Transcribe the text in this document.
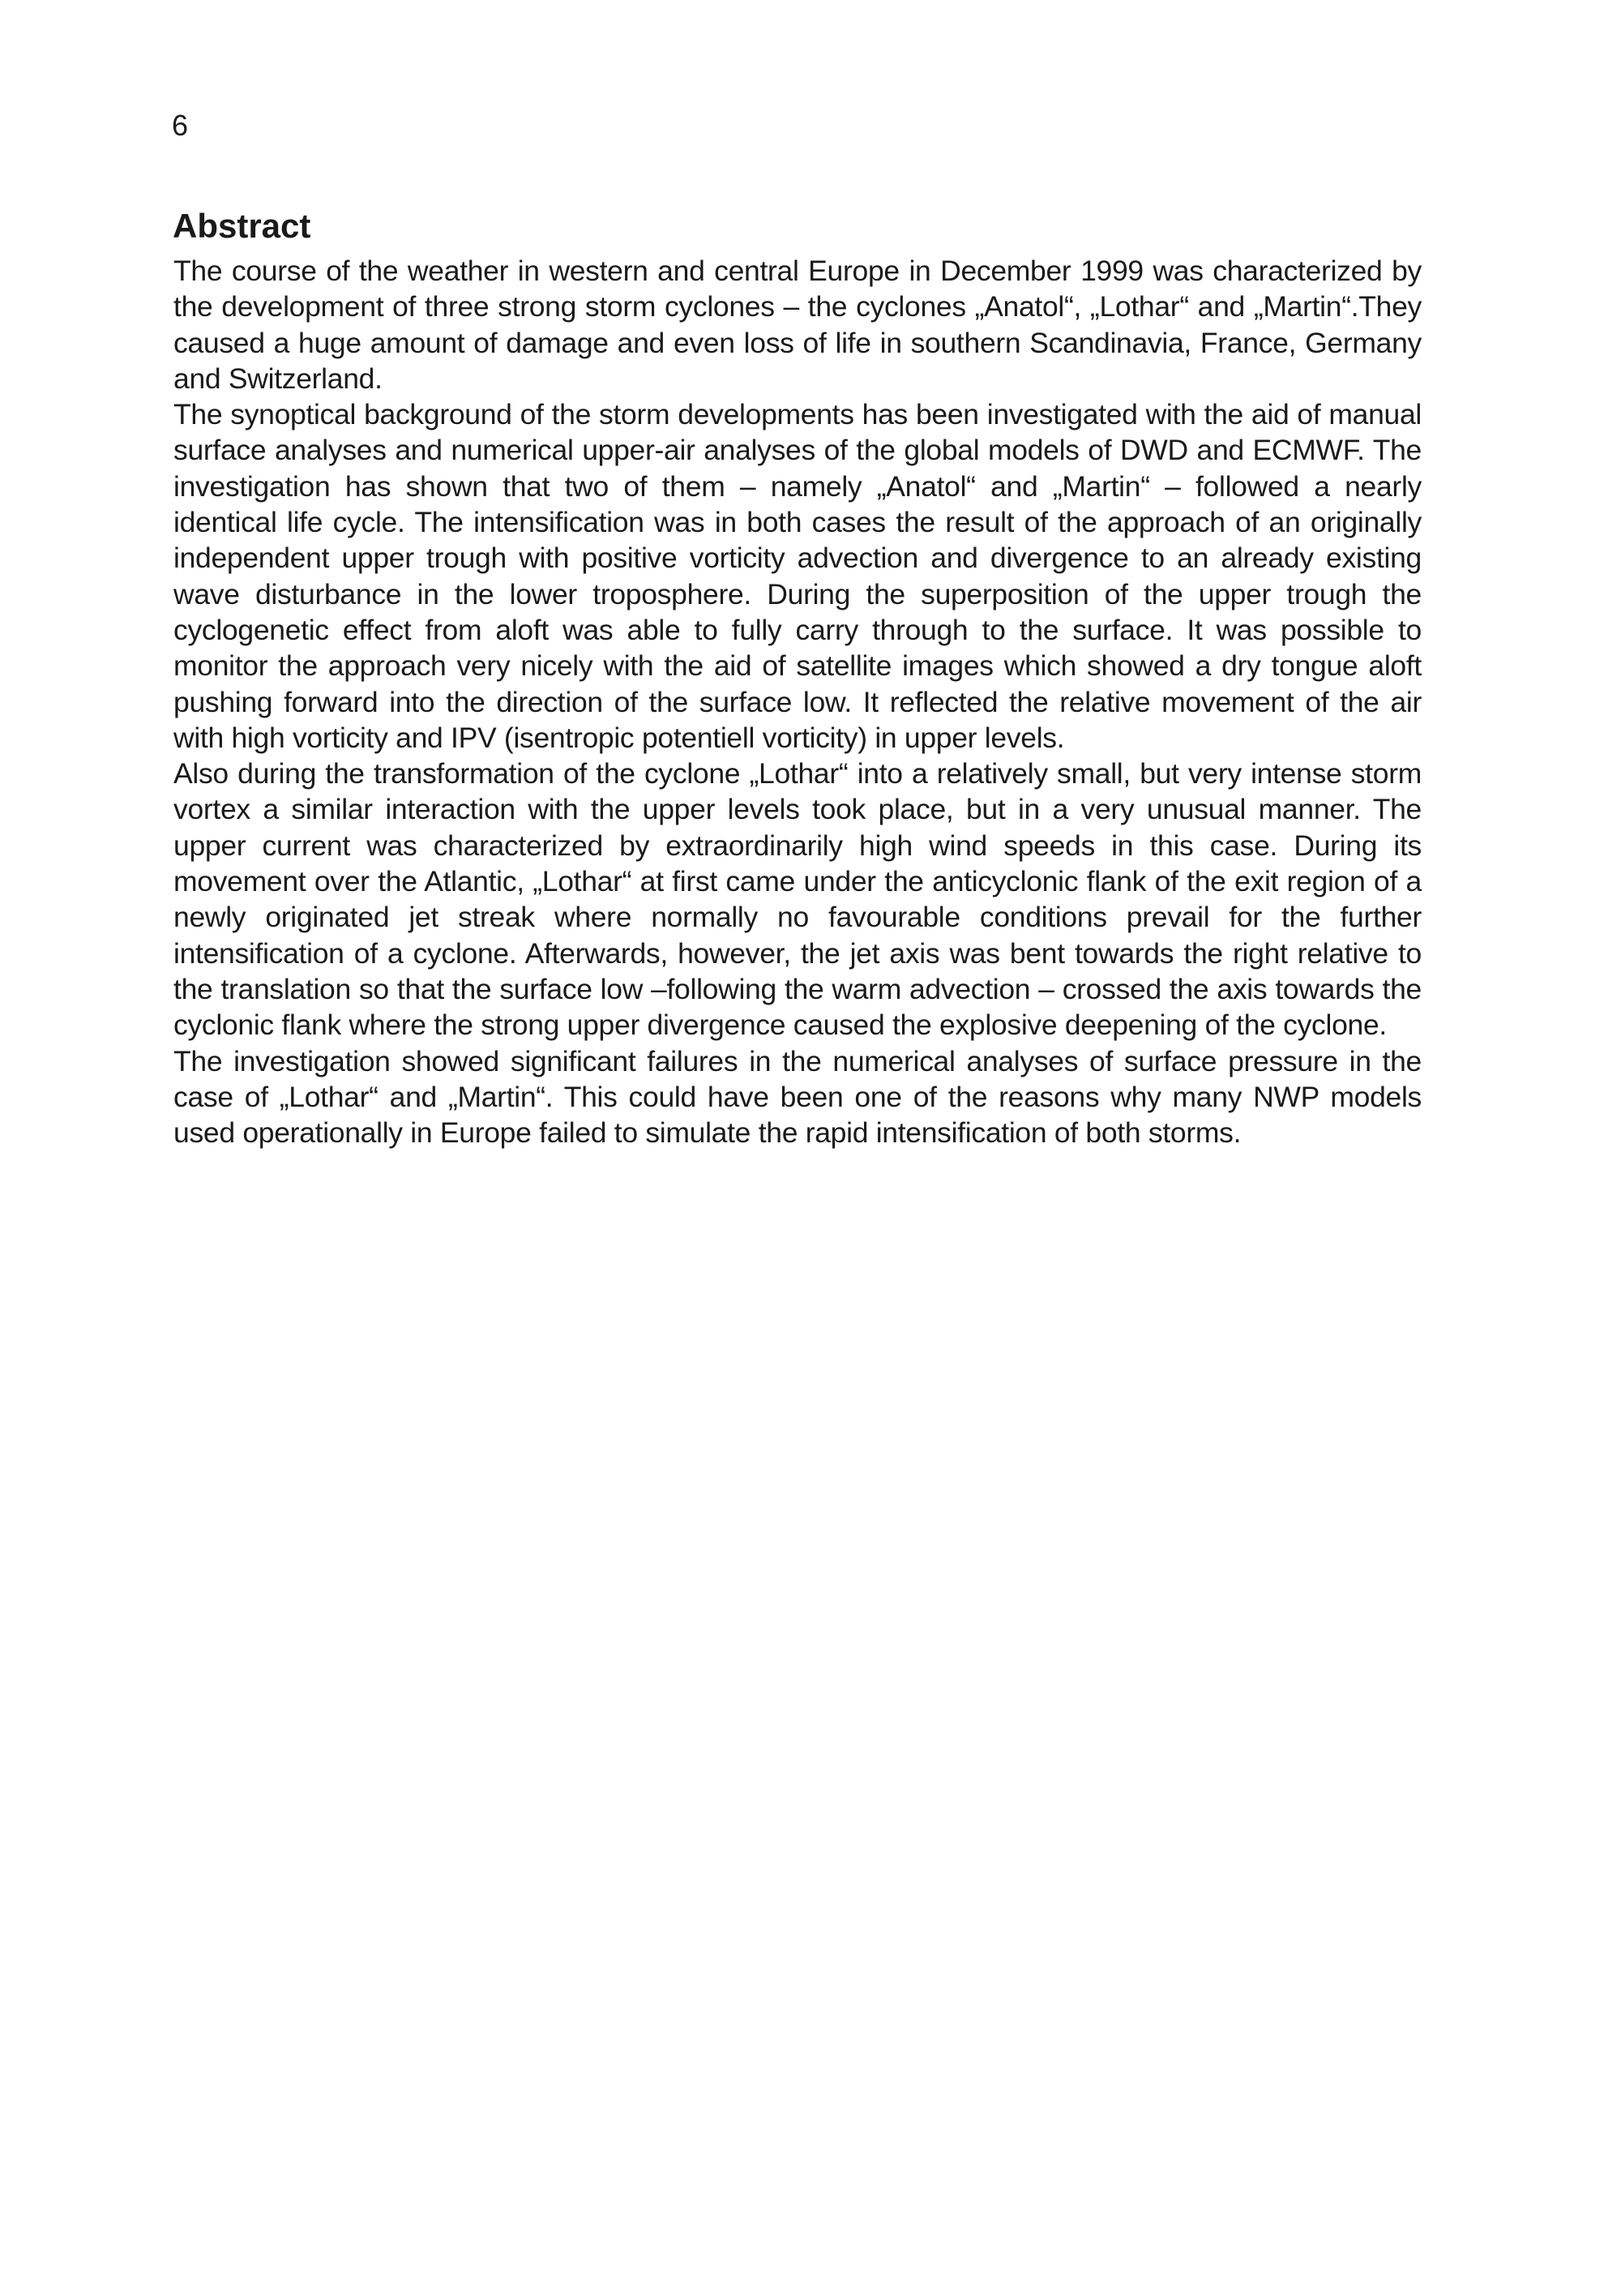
6
Abstract

The course of the weather in western and central Europe in December 1999 was characterized by the development of three strong storm cyclones – the cyclones „Anatol“, „Lothar“ and „Martin“.They caused a huge amount of damage and even loss of life in southern Scandinavia, France, Germany and Switzerland.

The synoptical background of the storm developments has been investigated with the aid of manual surface analyses and numerical upper-air analyses of the global models of DWD and ECMWF. The investigation has shown that two of them – namely „Anatol“ and „Martin“ – followed a nearly identical life cycle. The intensification was in both cases the result of the approach of an originally independent upper trough with positive vorticity advection and divergence to an already existing wave disturbance in the lower troposphere. During the superposition of the upper trough the cyclogenetic effect from aloft was able to fully carry through to the surface. It was possible to monitor the approach very nicely with the aid of satellite images which showed a dry tongue aloft pushing forward into the direction of the surface low. It reflected the relative movement of the air with high vorticity and IPV (isentropic potentiell vorticity) in upper levels.

Also during the transformation of the cyclone „Lothar“ into a relatively small, but very intense storm vortex a similar interaction with the upper levels took place, but in a very unusual manner. The upper current was characterized by extraordinarily high wind speeds in this case. During its movement over the Atlantic, „Lothar“ at first came under the anticyclonic flank of the exit region of a newly originated jet streak where normally no favourable conditions prevail for the further intensification of a cyclone. Afterwards, however, the jet axis was bent towards the right relative to the translation so that the surface low –following the warm advection – crossed the axis towards the cyclonic flank where the strong upper divergence caused the explosive deepening of the cyclone.

The investigation showed significant failures in the numerical analyses of surface pressure in the case of „Lothar“ and „Martin“. This could have been one of the reasons why many NWP models used operationally in Europe failed to simulate the rapid intensification of both storms.
